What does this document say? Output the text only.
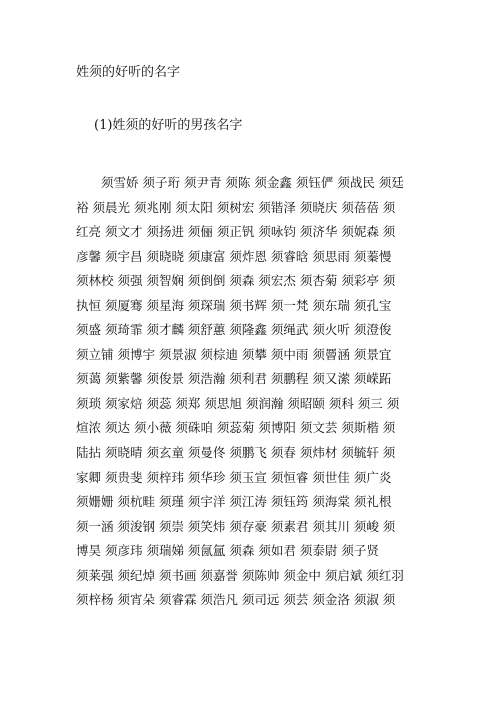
姓须的好听的名字
(1)姓须的好听的男孩名字
　　须雪娇 须子珩 须尹青 须陈 须金鑫 须钰俨 须战民 须廷
裕 须晨光 须兆刚 须太阳 须树宏 须锴泽 须晓庆 须蓓蓓 须
红亮 须文才 须扬进 须俪 须正钒 须咏钧 须济华 须妮森 须
彦馨 须宇昌 须晓晓 须康富 须炸恩 须睿晗 须思雨 须蓁慢
须林校 须强 须智娴 须倒倒 须森 须宏杰 须杏菊 须彩亭 须
执恒 须厦骞 须星海 须琛瑞 须书辉 须一梵 须东瑞 须孔宝
须盛 须琦霏 须才麟 须舒蕙 须隆鑫 须绳武 须火听 须澄俊
须立铺 须博宇 须景淑 须棕迪 须攀 须中雨 须罾涵 须景宜
须蔼 须紫馨 须俊景 须浩瀚 须利君 须鹏程 须又潆 须嵘跖
须琐 须家焙 须蕊 须郑 须思旭 须润瀚 须昭颐 须科 须三 须
煊浓 须达 须小薇 须硃咱 须蕊菊 须博阳 须文芸 须斯楷 须
陆拈 须晓晴 须玄童 须曼佟 须鹏飞 须春 须炜材 须毓轩 须
家卿 须贵斐 须梓玮 须华珍 须玉宣 须恒睿 须世佳 须广炎
须姗姗 须杭畦 须瑾 须宇洋 须江涛 须钰筠 须海棠 须礼根
须一涵 须浚钢 须崇 须笑炜 须存豪 须素君 须其川 须峻 须
博昊 须彦玮 须瑞娣 须氤氲 须森 须如君 须泰尉 须子贤
须莱强 须纪焯 须书画 须嘉誉 须陈帅 须金中 须启斌 须红羽
须梓杨 须宵朵 须睿霖 须浩凡 须司远 须芸 须金洛 须淑 须
